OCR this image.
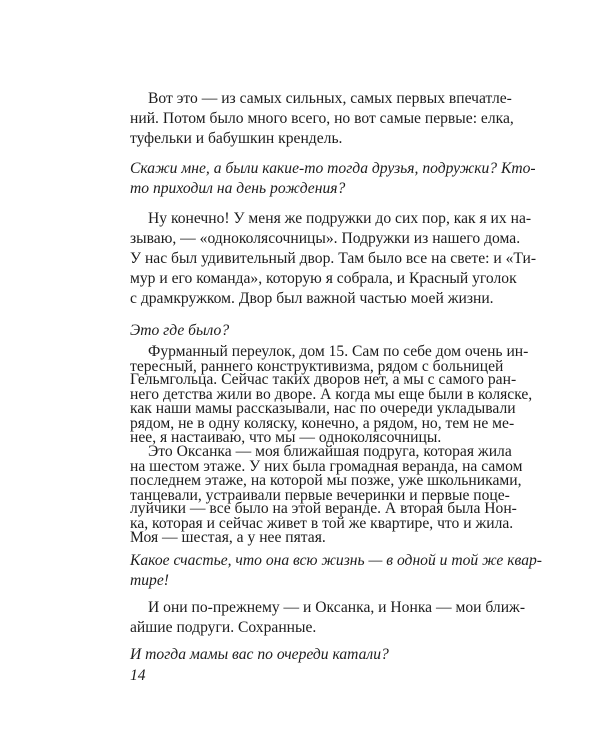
Вот это — из самых сильных, самых первых впечатле-

ний. Потом было много всего, но вот самые первые: елка,

туфельки и бабушкин крендель.

Скажи мне, а были какие-то тогда друзья, подружки? Кто-

то приходил на день рождения?

Ну конечно! У меня же подружки до сих пор, как я их на-

зываю, — «одноколясочницы». Подружки из нашего дома.

У нас был удивительный двор. Там было все на свете: и «Ти-

мур и его команда», которую я собрала, и Красный уголок

с драмкружком. Двор был важной частью моей жизни.

Это где было?

Фурманный переулок, дом 15. Сам по себе дом очень ин-

тересный, раннего конструктивизма, рядом с больницей

Гельмгольца. Сейчас таких дворов нет, а мы с самого ран-

него детства жили во дворе. А когда мы еще были в коляске,

как наши мамы рассказывали, нас по очереди укладывали

рядом, не в одну коляску, конечно, а рядом, но, тем не ме-

нее, я настаиваю, что мы — одноколясочницы.

Это Оксанка — моя ближайшая подруга, которая жила

на шестом этаже. У них была громадная веранда, на самом

последнем этаже, на которой мы позже, уже школьниками,

танцевали, устраивали первые вечеринки и первые поце-

луйчики — все было на этой веранде. А вторая была Нон-

ка, которая и сейчас живет в той же квартире, что и жила.

Моя — шестая, а у нее пятая.

Какое счастье, что она всю жизнь — в одной и той же квар-

тире!

И они по-прежнему — и Оксанка, и Нонка — мои ближ-

айшие подруги. Сохранные.

И тогда мамы вас по очереди катали?

14
